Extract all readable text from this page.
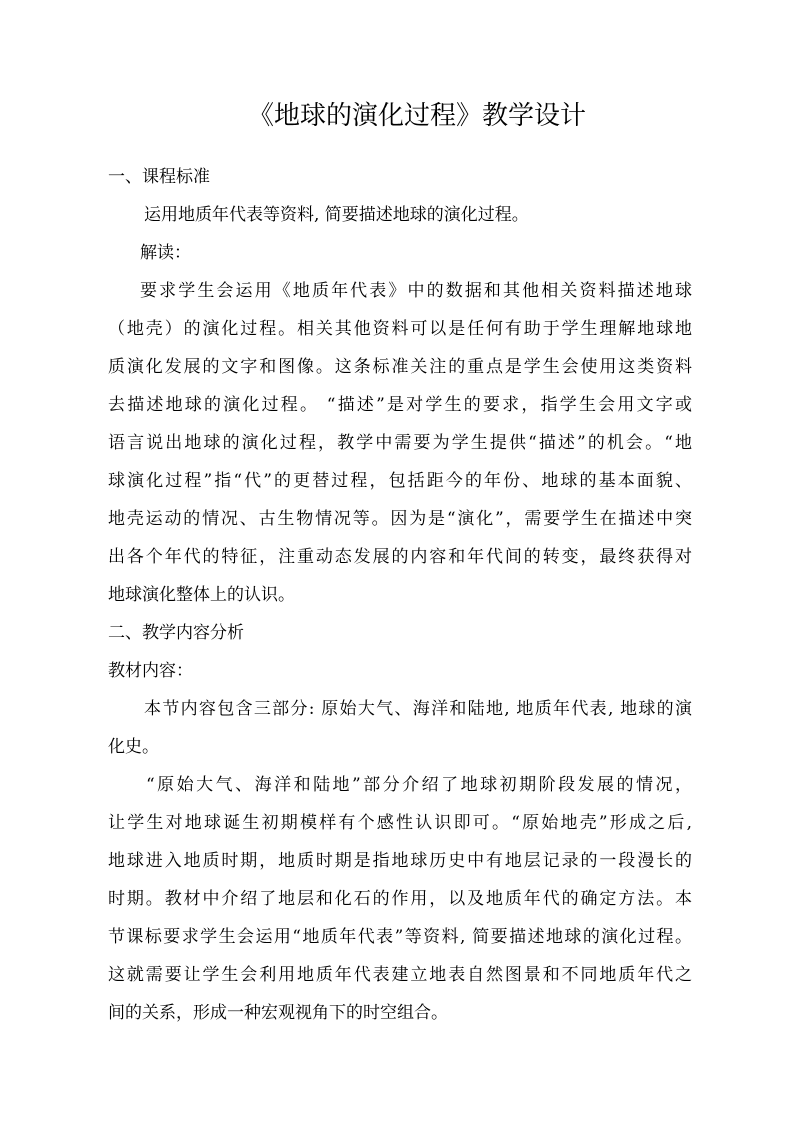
《地球的演化过程》教学设计
一、课程标准
运用地质年代表等资料, 简要描述地球的演化过程。
解读：
要求学生会运用《地质年代表》中的数据和其他相关资料描述地球
（地壳）的演化过程。相关其他资料可以是任何有助于学生理解地球地
质演化发展的文字和图像。这条标准关注的重点是学生会使用这类资料
去描述地球的演化过程。 “描述”是对学生的要求，指学生会用文字或
语言说出地球的演化过程，教学中需要为学生提供“描述”的机会。“地
球演化过程”指“代”的更替过程，包括距今的年份、地球的基本面貌、
地壳运动的情况、古生物情况等。因为是“演化”，需要学生在描述中突
出各个年代的特征，注重动态发展的内容和年代间的转变，最终获得对
地球演化整体上的认识。
二、教学内容分析
教材内容：
本节内容包含三部分: 原始大气、海洋和陆地, 地质年代表, 地球的演
化史。
“原始大气、海洋和陆地”部分介绍了地球初期阶段发展的情况，
让学生对地球诞生初期模样有个感性认识即可。“原始地壳”形成之后,
地球进入地质时期，地质时期是指地球历史中有地层记录的一段漫长的
时期。教材中介绍了地层和化石的作用，以及地质年代的确定方法。本
节课标要求学生会运用“地质年代表”等资料, 简要描述地球的演化过程。
这就需要让学生会利用地质年代表建立地表自然图景和不同地质年代之
间的关系，形成一种宏观视角下的时空组合。
